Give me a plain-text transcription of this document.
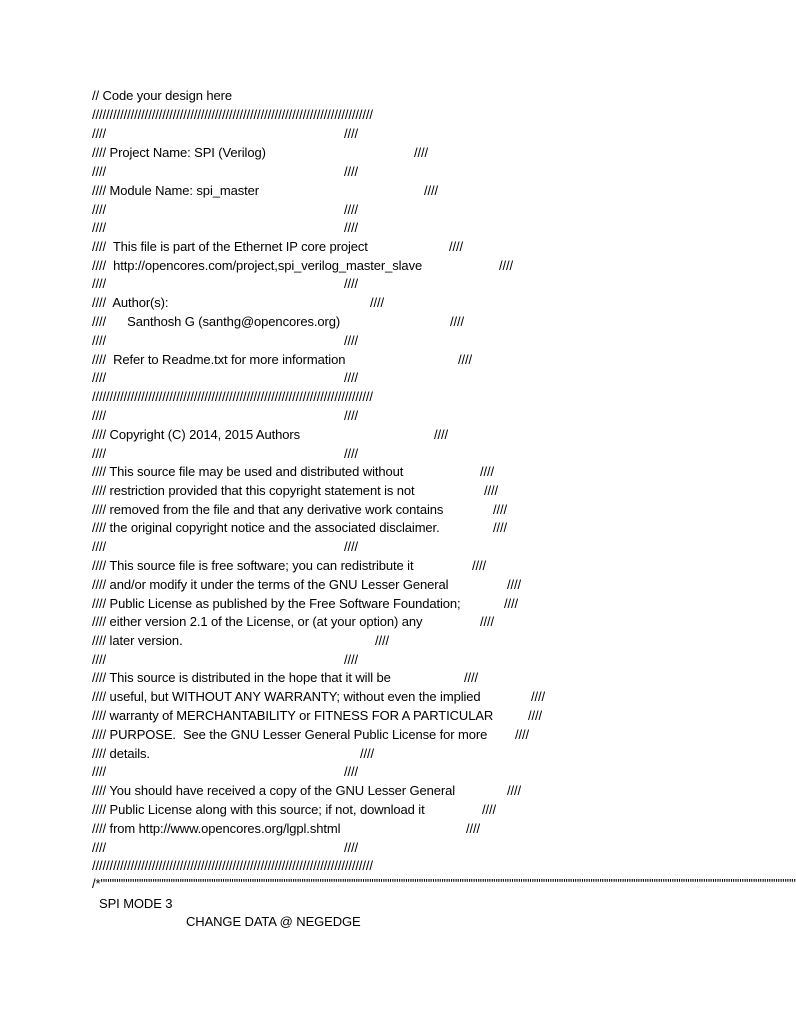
// Code your design here
////////////////////////////////////////////////////////////////////////////////
////	////
//// Project Name: SPI (Verilog)	////
////	////
//// Module Name: spi_master	////
////	////
////	////
////  This file is part of the Ethernet IP core project	////
////  http://opencores.com/project,spi_verilog_master_slave	////
////	////
////  Author(s):	////
////      Santhosh G (santhg@opencores.org)	////
////	////
////  Refer to Readme.txt for more information	////
////	////
////////////////////////////////////////////////////////////////////////////////
////	////
//// Copyright (C) 2014, 2015 Authors	////
////	////
//// This source file may be used and distributed without	////
//// restriction provided that this copyright statement is not	////
//// removed from the file and that any derivative work contains	////
//// the original copyright notice and the associated disclaimer.	////
////	////
//// This source file is free software; you can redistribute it	////
//// and/or modify it under the terms of the GNU Lesser General	////
//// Public License as published by the Free Software Foundation;	////
//// either version 2.1 of the License, or (at your option) any	////
//// later version.	////
////	////
//// This source is distributed in the hope that it will be	////
//// useful, but WITHOUT ANY WARRANTY; without even the implied	////
//// warranty of MERCHANTABILITY or FITNESS FOR A PARTICULAR	////
//// PURPOSE.  See the GNU Lesser General Public License for more ////
//// details.	////
////	////
//// You should have received a copy of the GNU Lesser General	////
//// Public License along with this source; if not, download it	////
//// from http://www.opencores.org/lgpl.shtml	////
////	////
////////////////////////////////////////////////////////////////////////////////
/*""""""""""""""""""""""""""""""""""""""""""""""""""""""""""""""""""""""""""""""""""""""""""""""""""""""""""""""""""""""""""""""""""""""""""""""""""""""""""
SPI MODE 3
CHANGE DATA @ NEGEDGE
